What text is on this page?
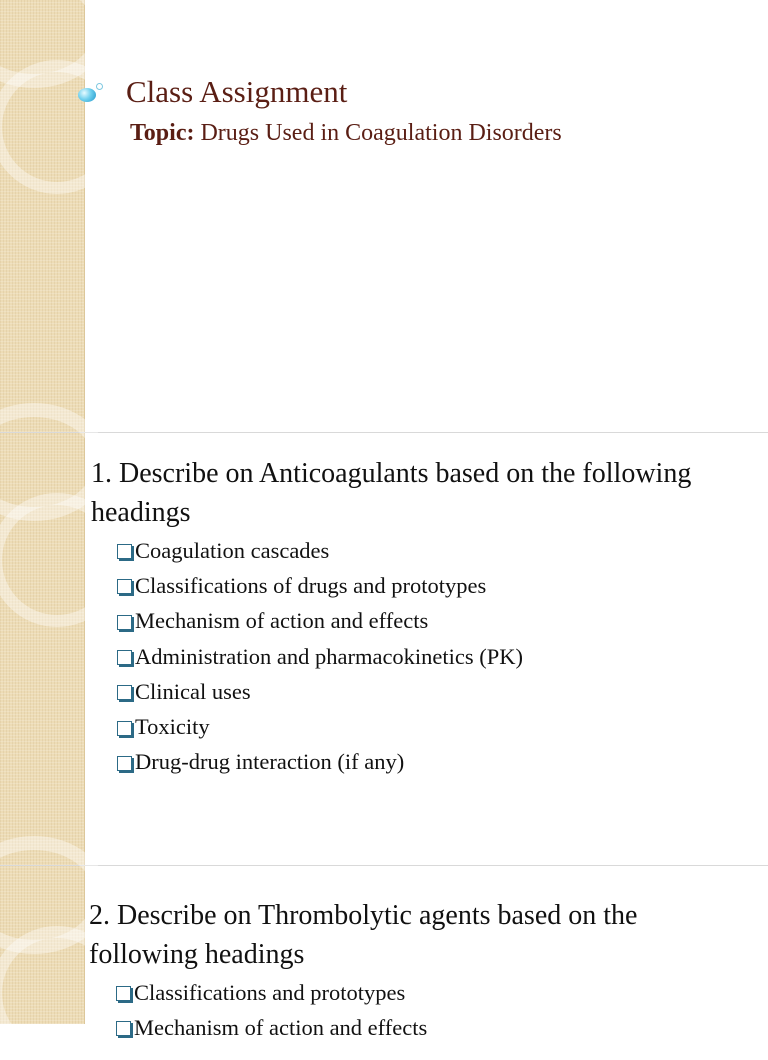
Class Assignment

Topic: Drugs Used in Coagulation Disorders

1. Describe on Anticoagulants based on the following headings
Coagulation cascades
Classifications of drugs and prototypes
Mechanism of action and effects
Administration and pharmacokinetics (PK)
Clinical uses
Toxicity
Drug-drug interaction (if any)
2. Describe on Thrombolytic agents based on the following headings
Classifications and prototypes
Mechanism of action and effects
